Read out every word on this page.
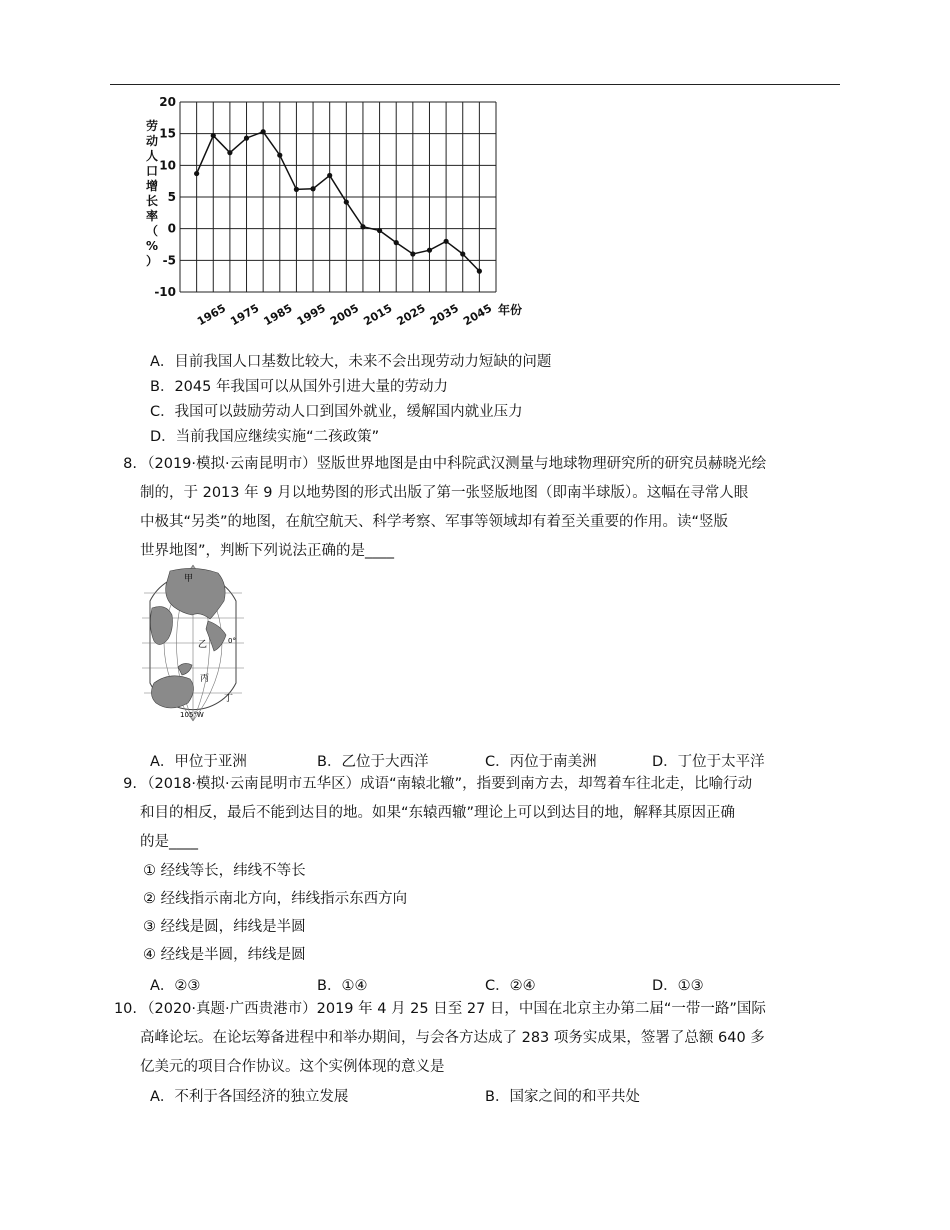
20
15
10
5
0
-5
-10
1965 1975 1985 1995 2005 2015 2025 2035 2045
劳
动
人
口
增
长
率
（
%
）
年份
A．目前我国人口基数比较大，未来不会出现劳动力短缺的问题
B．2045 年我国可以从国外引进大量的劳动力
C．我国可以鼓励劳动人口到国外就业，缓解国内就业压力
D．当前我国应继续实施“二孩政策”
8. （2019·模拟·云南昆明市）竖版世界地图是由中科院武汉测量与地球物理研究所的研究员赫晓光绘
制的，于 2013 年 9 月以地势图的形式出版了第一张竖版地图（即南半球版）。这幅在寻常人眼
中极其“另类”的地图，在航空航天、科学考察、军事等领域却有着至关重要的作用。读“竖版
世界地图”，判断下列说法正确的是____
甲
乙
丙
丁
0°
105°W
A．甲位于亚洲	B．乙位于大西洋	C．丙位于南美洲	D．丁位于太平洋
9. （2018·模拟·云南昆明市五华区）成语“南辕北辙”，指要到南方去，却驾着车往北走，比喻行动
和目的相反，最后不能到达目的地。如果“东辕西辙”理论上可以到达目的地，解释其原因正确
的是____
① 经线等长，纬线不等长
② 经线指示南北方向，纬线指示东西方向
③ 经线是圆，纬线是半圆
④ 经线是半圆，纬线是圆
A．②③	B．①④	C．②④	D．①③
10. （2020·真题·广西贵港市）2019 年 4 月 25 日至 27 日，中国在北京主办第二届“一带一路”国际
高峰论坛。在论坛筹备进程中和举办期间，与会各方达成了 283 项务实成果，签署了总额 640 多
亿美元的项目合作协议。这个实例体现的意义是
A．不利于各国经济的独立发展	B．国家之间的和平共处
